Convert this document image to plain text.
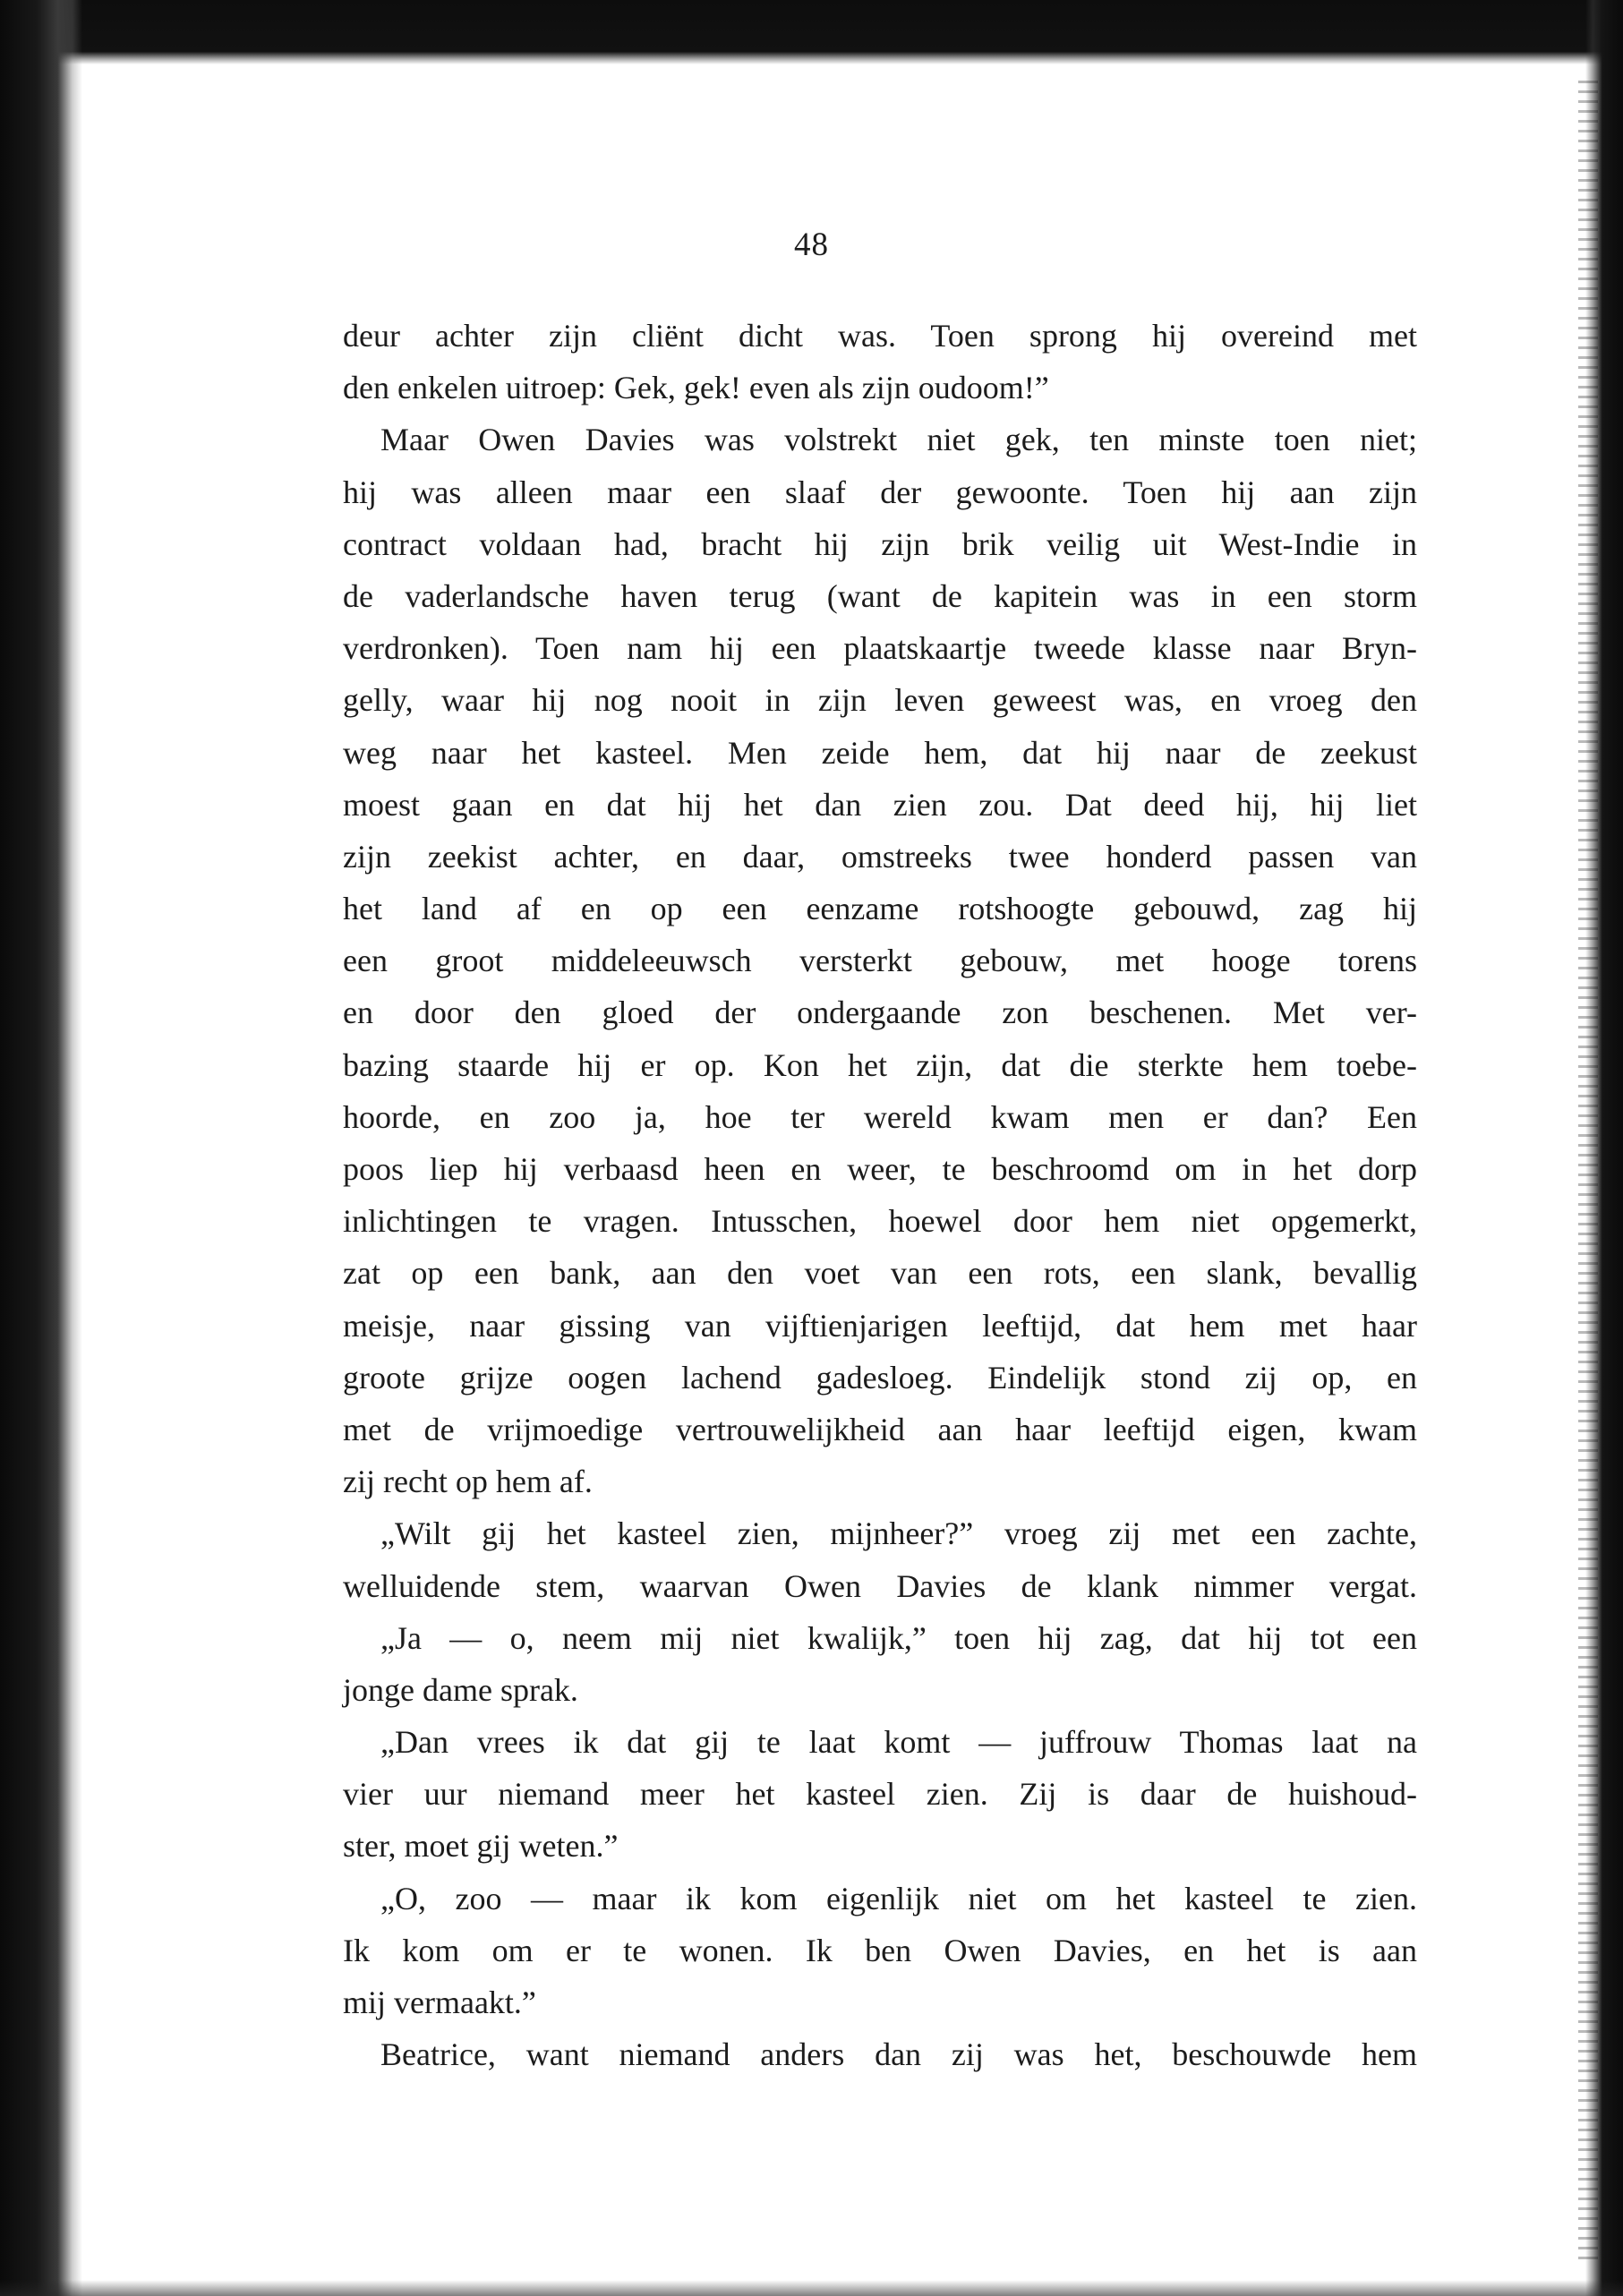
48
deur achter zijn cliënt dicht was. Toen sprong hij overeind met
den enkelen uitroep: Gek, gek! even als zijn oudoom!”
Maar Owen Davies was volstrekt niet gek, ten minste toen niet;
hij was alleen maar een slaaf der gewoonte. Toen hij aan zijn
contract voldaan had, bracht hij zijn brik veilig uit West-Indie in
de vaderlandsche haven terug (want de kapitein was in een storm
verdronken). Toen nam hij een plaatskaartje tweede klasse naar Bryn-
gelly, waar hij nog nooit in zijn leven geweest was, en vroeg den
weg naar het kasteel. Men zeide hem, dat hij naar de zeekust
moest gaan en dat hij het dan zien zou. Dat deed hij, hij liet
zijn zeekist achter, en daar, omstreeks twee honderd passen van
het land af en op een eenzame rotshoogte gebouwd, zag hij
een groot middeleeuwsch versterkt gebouw, met hooge torens
en door den gloed der ondergaande zon beschenen. Met ver-
bazing staarde hij er op. Kon het zijn, dat die sterkte hem toebe-
hoorde, en zoo ja, hoe ter wereld kwam men er dan? Een
poos liep hij verbaasd heen en weer, te beschroomd om in het dorp
inlichtingen te vragen. Intusschen, hoewel door hem niet opgemerkt,
zat op een bank, aan den voet van een rots, een slank, bevallig
meisje, naar gissing van vijftienjarigen leeftijd, dat hem met haar
groote grijze oogen lachend gadesloeg. Eindelijk stond zij op, en
met de vrijmoedige vertrouwelijkheid aan haar leeftijd eigen, kwam
zij recht op hem af.
„Wilt gij het kasteel zien, mijnheer?” vroeg zij met een zachte,
welluidende stem, waarvan Owen Davies de klank nimmer vergat.
„Ja — o, neem mij niet kwalijk,” toen hij zag, dat hij tot een
jonge dame sprak.
„Dan vrees ik dat gij te laat komt — juffrouw Thomas laat na
vier uur niemand meer het kasteel zien. Zij is daar de huishoud-
ster, moet gij weten.”
„O, zoo — maar ik kom eigenlijk niet om het kasteel te zien.
Ik kom om er te wonen. Ik ben Owen Davies, en het is aan
mij vermaakt.”
Beatrice, want niemand anders dan zij was het, beschouwde hem
